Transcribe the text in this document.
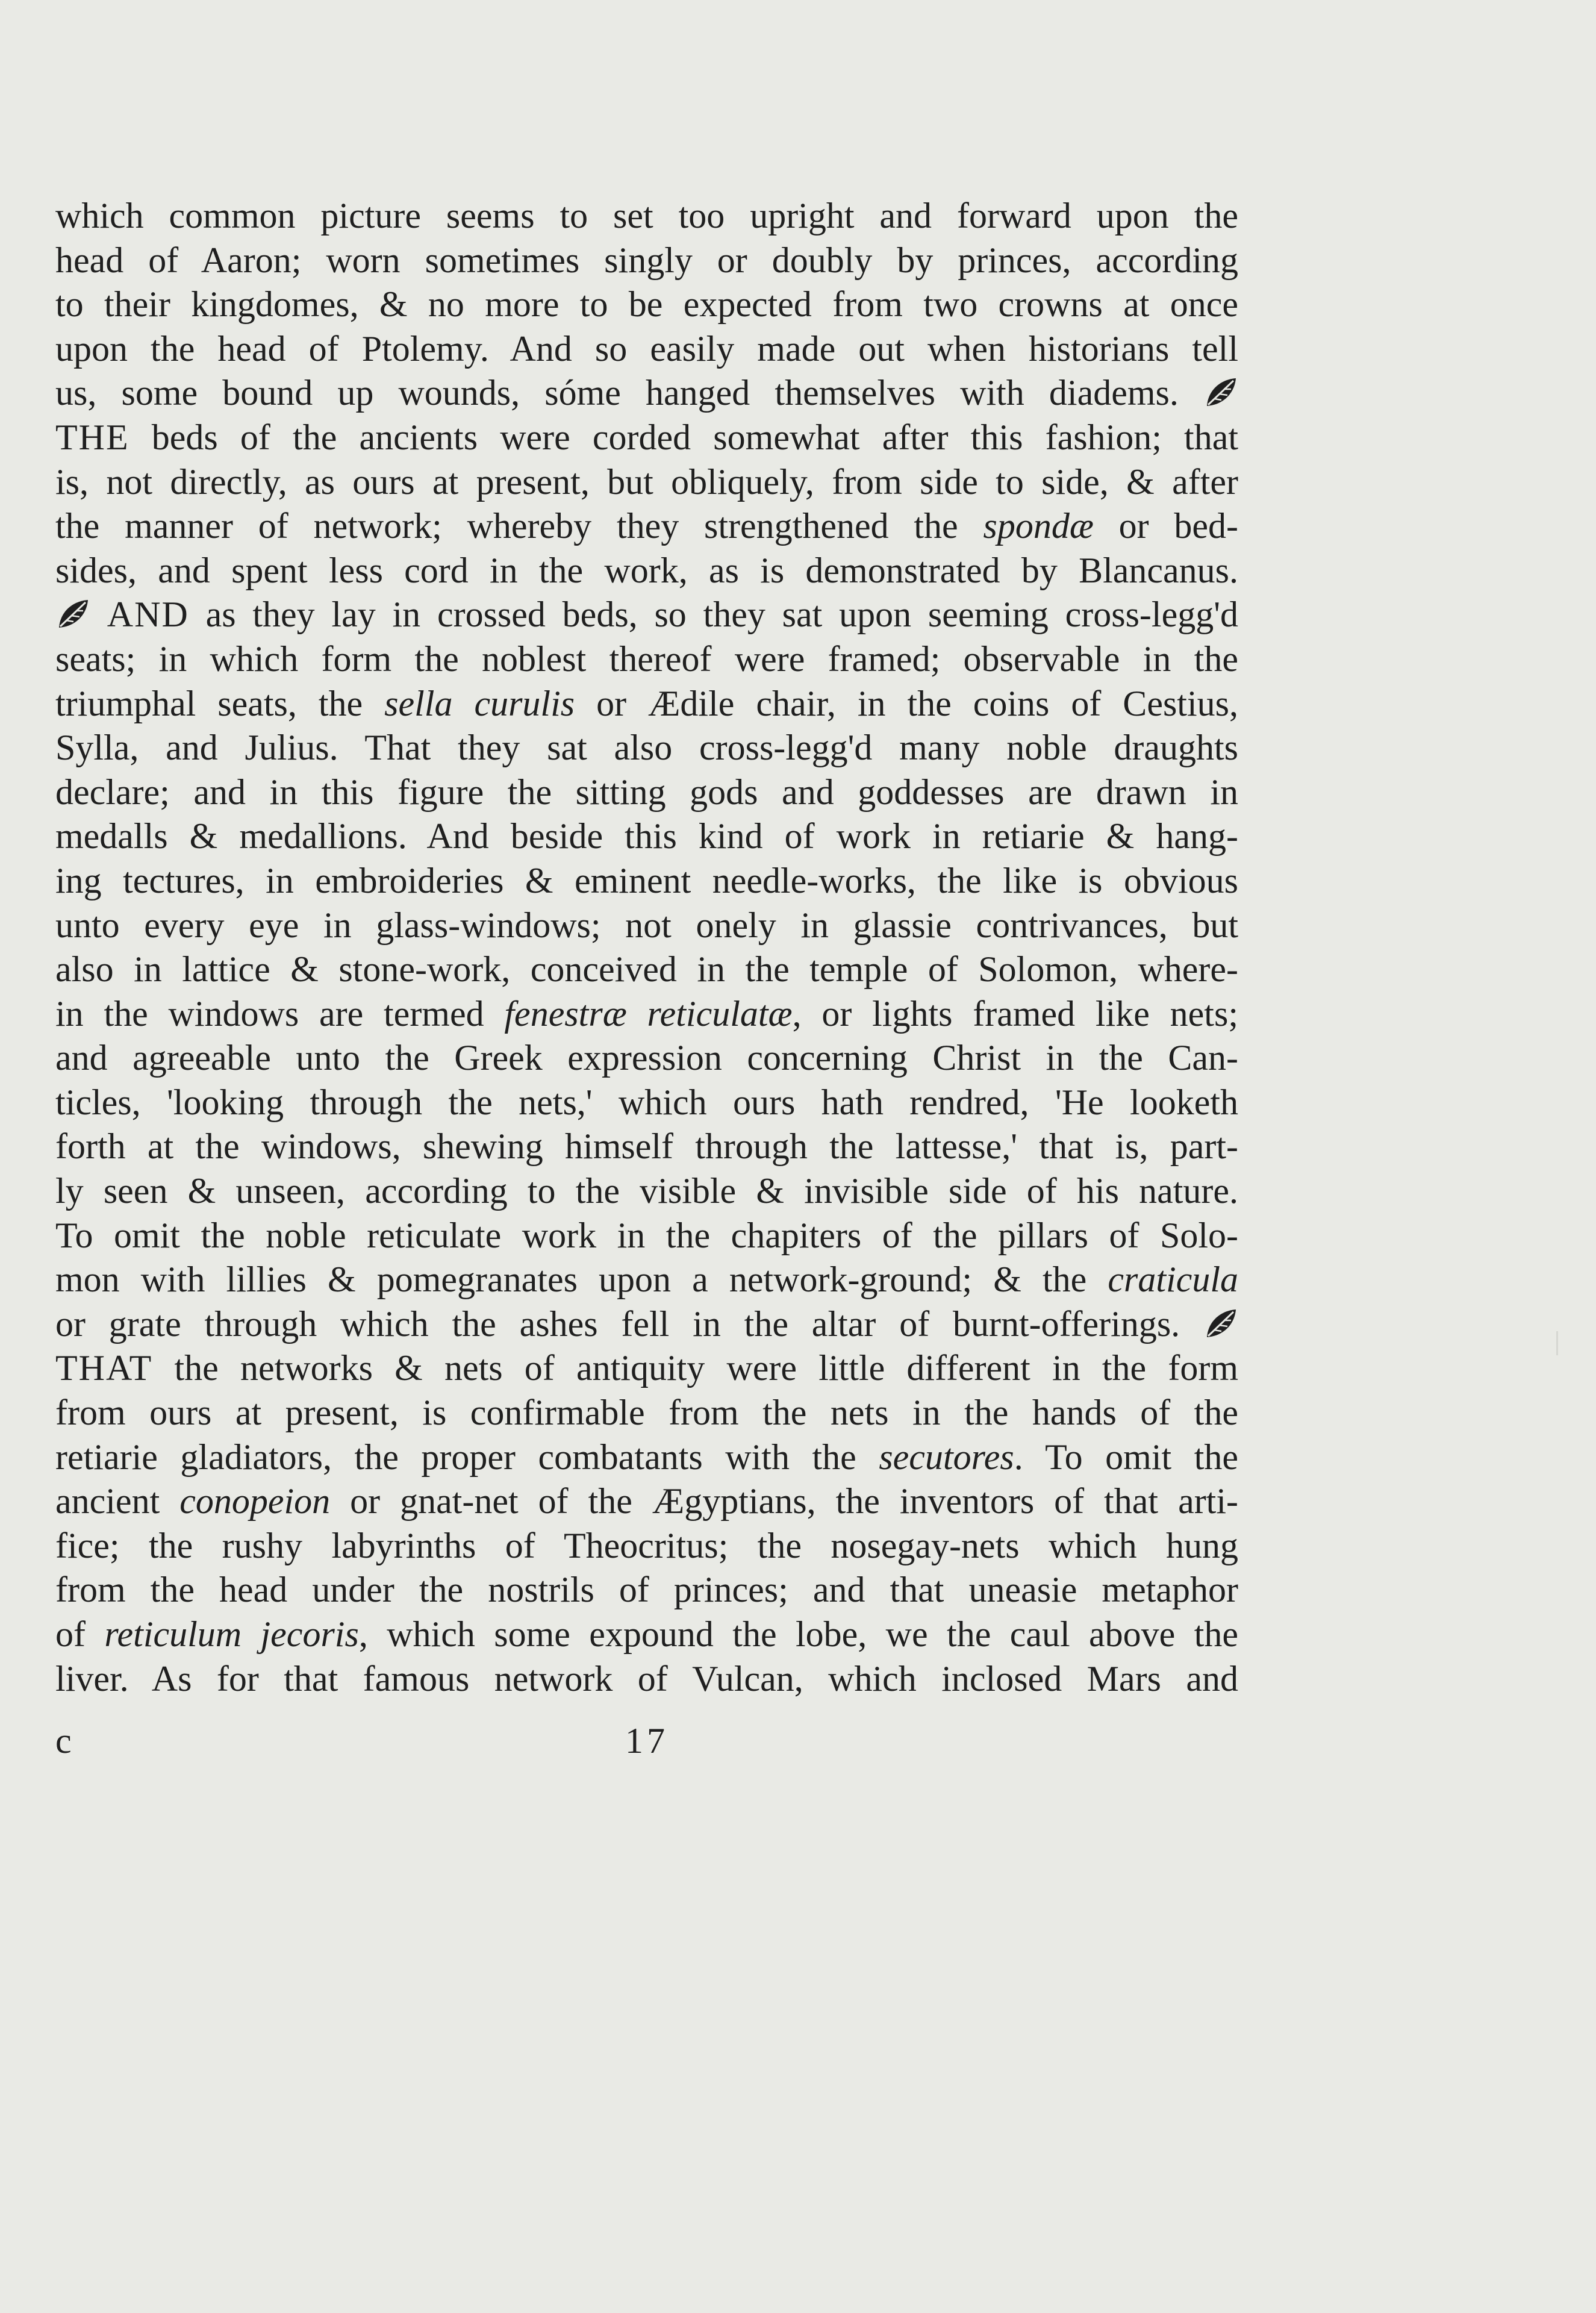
which common picture seems to set too upright and forward upon the
head of Aaron; worn sometimes singly or doubly by princes, according
to their kingdomes, & no more to be expected from two crowns at once
upon the head of Ptolemy. And so easily made out when historians tell
us, some bound up wounds, sóme hanged themselves with diadems.
THE beds of the ancients were corded somewhat after this fashion; that
is, not directly, as ours at present, but obliquely, from side to side, & after
the manner of network; whereby they strengthened the spondæ or bed-
sides, and spent less cord in the work, as is demonstrated by Blancanus.
AND as they lay in crossed beds, so they sat upon seeming cross-legg'd
seats; in which form the noblest thereof were framed; observable in the
triumphal seats, the sella curulis or Ædile chair, in the coins of Cestius,
Sylla, and Julius. That they sat also cross-legg'd many noble draughts
declare; and in this figure the sitting gods and goddesses are drawn in
medalls & medallions. And beside this kind of work in retiarie & hang-
ing tectures, in embroideries & eminent needle-works, the like is obvious
unto every eye in glass-windows; not onely in glassie contrivances, but
also in lattice & stone-work, conceived in the temple of Solomon, where-
in the windows are termed fenestræ reticulatæ, or lights framed like nets;
and agreeable unto the Greek expression concerning Christ in the Can-
ticles, 'looking through the nets,' which ours hath rendred, 'He looketh
forth at the windows, shewing himself through the lattesse,' that is, part-
ly seen & unseen, according to the visible & invisible side of his nature.
To omit the noble reticulate work in the chapiters of the pillars of Solo-
mon with lillies & pomegranates upon a network-ground; & the craticula
or grate through which the ashes fell in the altar of burnt-offerings.
THAT the networks & nets of antiquity were little different in the form
from ours at present, is confirmable from the nets in the hands of the
retiarie gladiators, the proper combatants with the secutores. To omit the
ancient conopeion or gnat-net of the Ægyptians, the inventors of that arti-
fice; the rushy labyrinths of Theocritus; the nosegay-nets which hung
from the head under the nostrils of princes; and that uneasie metaphor
of reticulum jecoris, which some expound the lobe, we the caul above the
liver. As for that famous network of Vulcan, which inclosed Mars and
c	17
